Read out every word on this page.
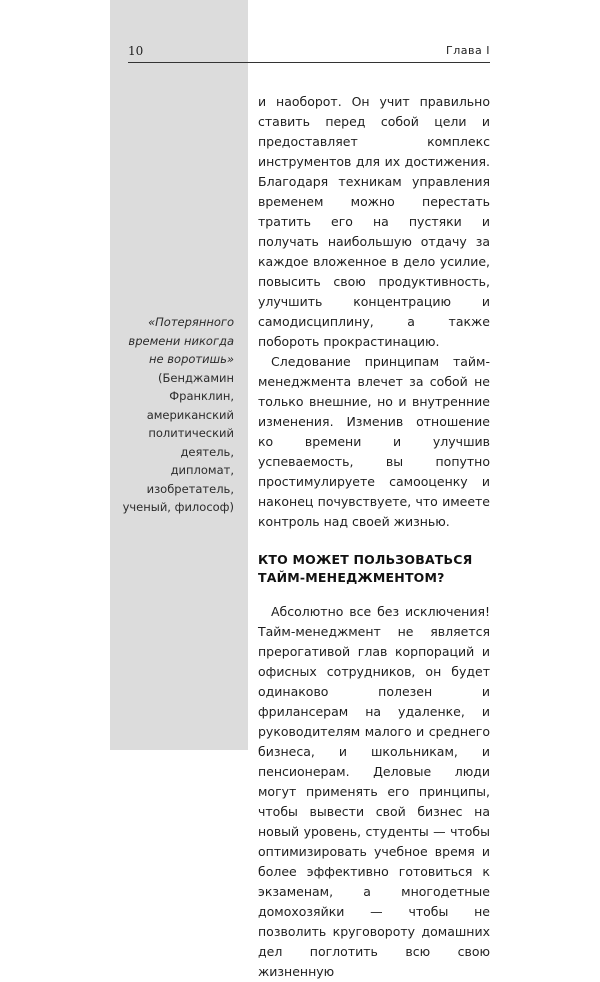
10	Глава I

«Потерянного времени никогда не воротишь»

(Бенджамин Франклин, американский политический деятель, дипломат, изобретатель, ученый, философ)

и наоборот. Он учит правильно ставить перед собой цели и предоставляет комплекс инструментов для их достижения. Благодаря техникам управления временем можно перестать тратить его на пустяки и получать наибольшую отдачу за каждое вложенное в дело усилие, повысить свою продуктивность, улучшить концентрацию и самодисциплину, а также побороть прокрастинацию.

Следование принципам тайм-менеджмента влечет за собой не только внешние, но и внутренние изменения. Изменив отношение ко времени и улучшив успеваемость, вы попутно простимулируете самооценку и наконец почувствуете, что имеете контроль над своей жизнью.

КТО МОЖЕТ ПОЛЬЗОВАТЬСЯ ТАЙМ-МЕНЕДЖМЕНТОМ?

Абсолютно все без исключения! Тайм-менеджмент не является прерогативой глав корпораций и офисных сотрудников, он будет одинаково полезен и фрилансерам на удаленке, и руководителям малого и среднего бизнеса, и школьникам, и пенсионерам. Деловые люди могут применять его принципы, чтобы вывести свой бизнес на новый уровень, студенты — чтобы оптимизировать учебное время и более эффективно готовиться к экзаменам, а многодетные домохозяйки — чтобы не позволить круговороту домашних дел поглотить всю свою жизненную
